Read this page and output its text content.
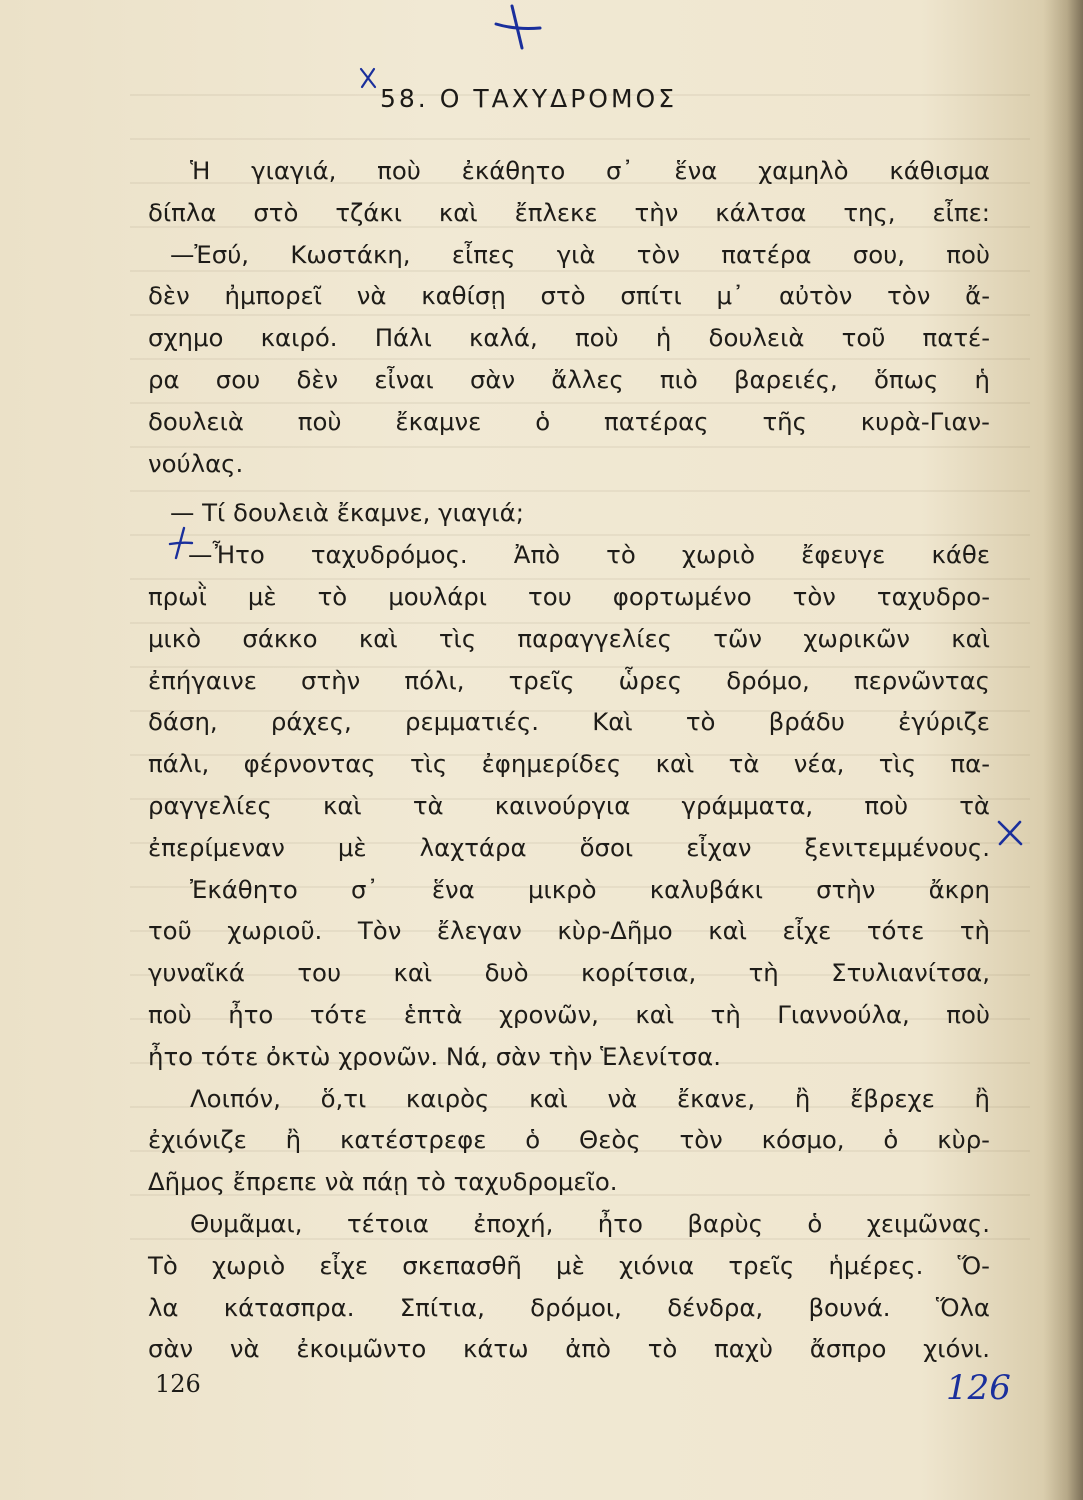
58. Ο ΤΑΧΥΔΡΟΜΟΣ
Ἡ γιαγιά, ποὺ ἐκάθητο σ᾽ ἕνα χαμηλὸ κάθισμα
δίπλα στὸ τζάκι καὶ ἔπλεκε τὴν κάλτσα της, εἶπε:
—Ἐσύ, Κωστάκη, εἶπες γιὰ τὸν πατέρα σου, ποὺ
δὲν ἠμπορεῖ νὰ καθίσῃ στὸ σπίτι μ᾽ αὐτὸν τὸν ἄ-
σχημο καιρό. Πάλι καλά, ποὺ ἡ δουλειὰ τοῦ πατέ-
ρα σου δὲν εἶναι σὰν ἄλλες πιὸ βαρειές, ὅπως ἡ
δουλειὰ ποὺ ἔκαμνε ὁ πατέρας τῆς κυρὰ-Γιαν-
νούλας.
— Τί δουλειὰ ἔκαμνε, γιαγιά;
—Ἦτο ταχυδρόμος. Ἀπὸ τὸ χωριὸ ἔφευγε κάθε
πρωῒ μὲ τὸ μουλάρι του φορτωμένο τὸν ταχυδρο-
μικὸ σάκκο καὶ τὶς παραγγελίες τῶν χωρικῶν καὶ
ἐπήγαινε στὴν πόλι, τρεῖς ὧρες δρόμο, περνῶντας
δάση, ράχες, ρεμματιές. Καὶ τὸ βράδυ ἐγύριζε
πάλι, φέρνοντας τὶς ἐφημερίδες καὶ τὰ νέα, τὶς πα-
ραγγελίες καὶ τὰ καινούργια γράμματα, ποὺ τὰ
ἐπερίμεναν μὲ λαχτάρα ὅσοι εἶχαν ξενιτεμμένους.
Ἐκάθητο σ᾽ ἕνα μικρὸ καλυβάκι στὴν ἄκρη
τοῦ χωριοῦ. Τὸν ἔλεγαν κὺρ-Δῆμο καὶ εἶχε τότε τὴ
γυναῖκά του καὶ δυὸ κορίτσια, τὴ Στυλιανίτσα,
ποὺ ἦτο τότε ἑπτὰ χρονῶν, καὶ τὴ Γιαννούλα, ποὺ
ἦτο τότε ὀκτὼ χρονῶν. Νά, σὰν τὴν Ἑλενίτσα.
Λοιπόν, ὅ,τι καιρὸς καὶ νὰ ἔκανε, ἢ ἔβρεχε ἢ
ἐχιόνιζε ἢ κατέστρεφε ὁ Θεὸς τὸν κόσμο, ὁ κὺρ-
Δῆμος ἔπρεπε νὰ πάῃ τὸ ταχυδρομεῖο.
Θυμᾶμαι, τέτοια ἐποχή, ἦτο βαρὺς ὁ χειμῶνας.
Τὸ χωριὸ εἶχε σκεπασθῆ μὲ χιόνια τρεῖς ἡμέρες. Ὅ-
λα κάτασπρα. Σπίτια, δρόμοι, δένδρα, βουνά. Ὅλα
σὰν νὰ ἐκοιμῶντο κάτω ἀπὸ τὸ παχὺ ἄσπρο χιόνι.
126	126
